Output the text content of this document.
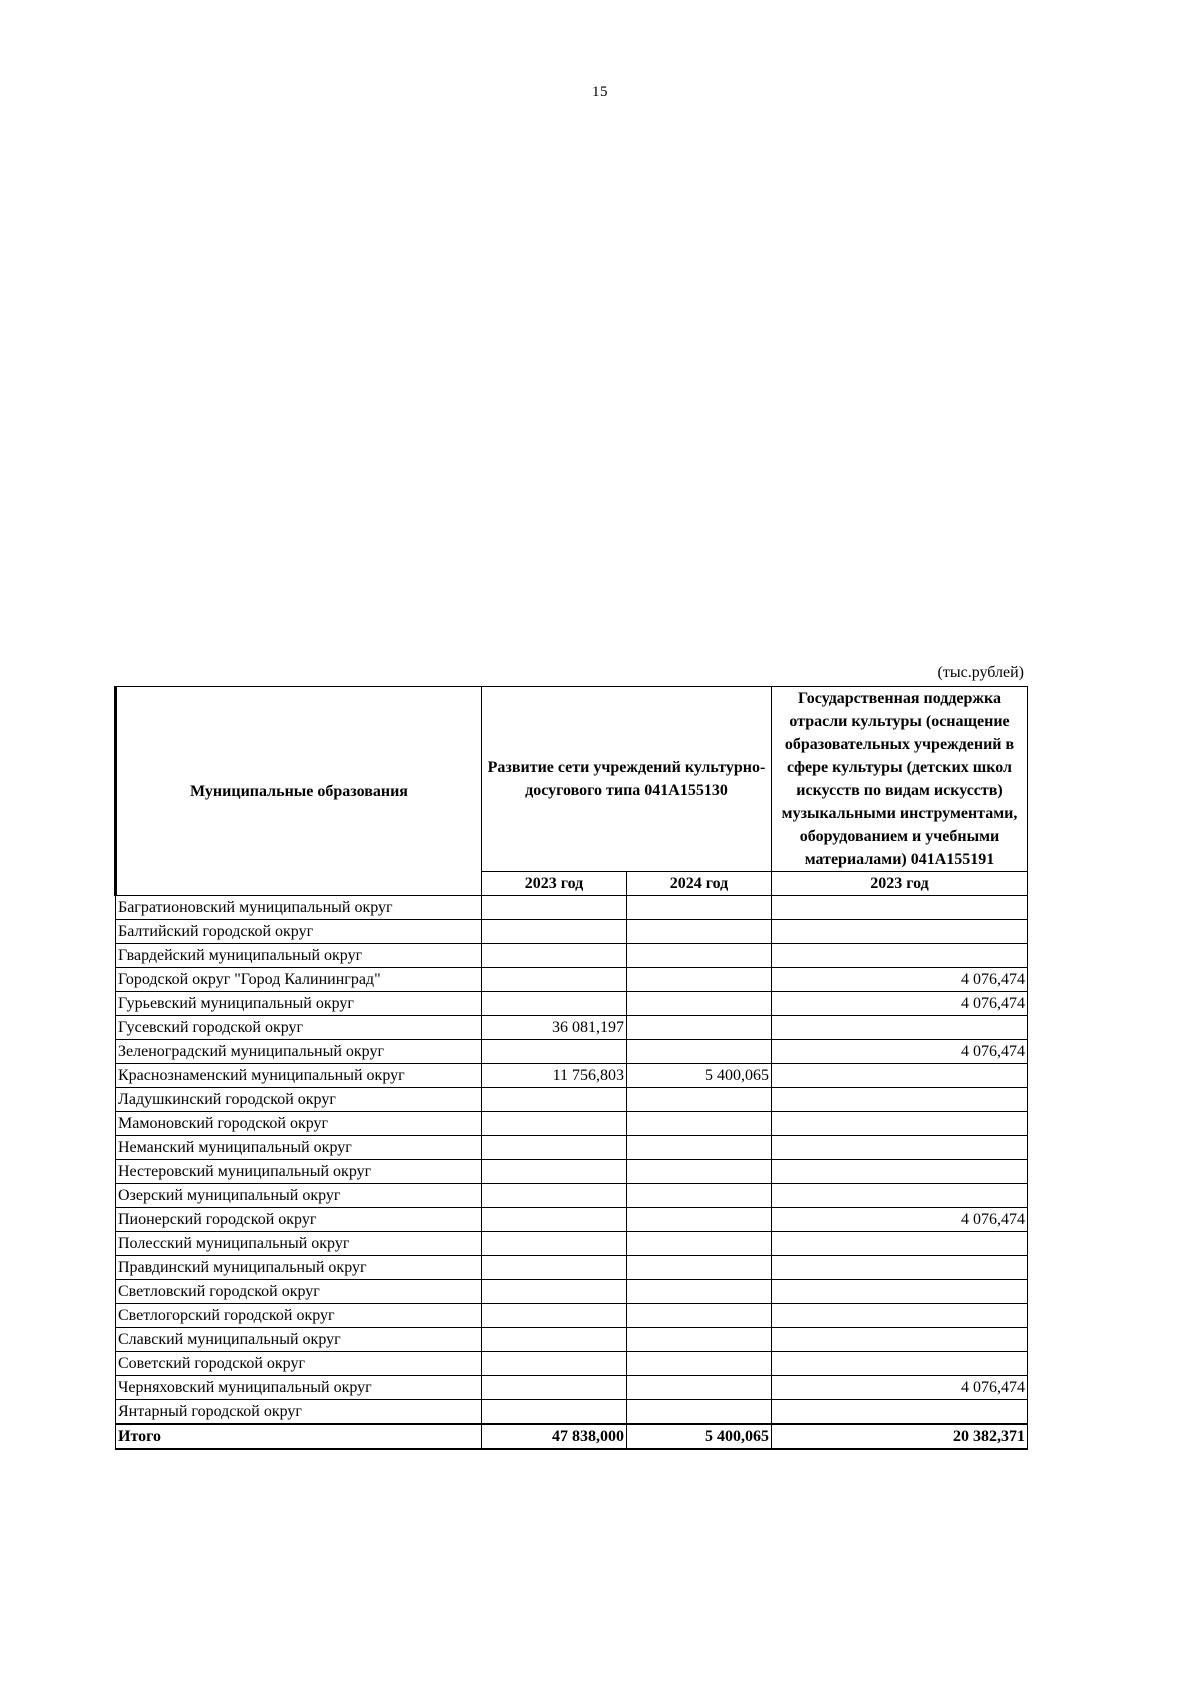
15
(тыс.рублей)
Муниципальные образования	Развитие сети учреждений культурно-досугового типа 041А155130		Государственная поддержка отрасли культуры (оснащение образовательных учреждений в сфере культуры (детских школ искусств по видам искусств) музыкальными инструментами, оборудованием и учебными материалами) 041А155191
	2023 год	2024 год	2023 год
Багратионовский муниципальный округ			
Балтийский городской округ			
Гвардейский муниципальный округ			
Городской округ "Город Калининград"			4 076,474
Гурьевский муниципальный округ			4 076,474
Гусевский городской округ	36 081,197		
Зеленоградский муниципальный округ			4 076,474
Краснознаменский муниципальный округ	11 756,803	5 400,065	
Ладушкинский городской округ			
Мамоновский городской округ			
Неманский муниципальный округ			
Нестеровский муниципальный округ			
Озерский муниципальный округ			
Пионерский городской округ			4 076,474
Полесский муниципальный округ			
Правдинский муниципальный округ			
Светловский городской округ			
Светлогорский городской округ			
Славский муниципальный округ			
Советский городской округ			
Черняховский муниципальный округ			4 076,474
Янтарный городской округ			
Итого	47 838,000	5 400,065	20 382,371
